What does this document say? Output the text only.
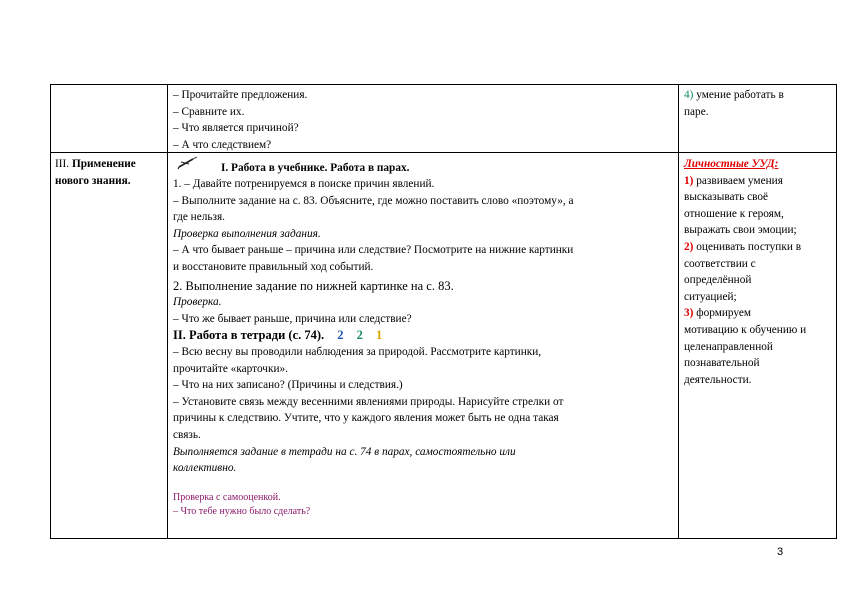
– Прочитайте предложения.
– Сравните их.
– Что является причиной?
– А что следствием?
4) умение работать в
паре.
III. Применение
нового знания.
I. Работа в учебнике. Работа в парах.
1. – Давайте потренируемся в поиске причин явлений.
– Выполните задание на с. 83. Объясните, где можно поставить слово «поэтому», а
где нельзя.
Проверка выполнения задания.
– А что бывает раньше – причина или следствие? Посмотрите на нижние картинки
и восстановите правильный ход событий.
2. Выполнение задание по нижней картинке на с. 83.
Проверка.
– Что же бывает раньше, причина или следствие?
II. Работа в тетради (с. 74). 2 2 1
– Всю весну вы проводили наблюдения за природой. Рассмотрите картинки,
прочитайте «карточки».
– Что на них записано? (Причины и следствия.)
– Установите связь между весенними явлениями природы. Нарисуйте стрелки от
причины к следствию. Учтите, что у каждого явления может быть не одна такая
связь.
Выполняется задание в тетради на с. 74 в парах, самостоятельно или
коллективно.
Проверка с самооценкой.
– Что тебе нужно было сделать?
Личностные УУД:
1) развиваем умения
высказывать своё
отношение к героям,
выражать свои эмоции;
2) оценивать поступки в
соответствии с
определённой
ситуацией;
3) формируем
мотивацию к обучению и
целенаправленной
познавательной
деятельности.
3
